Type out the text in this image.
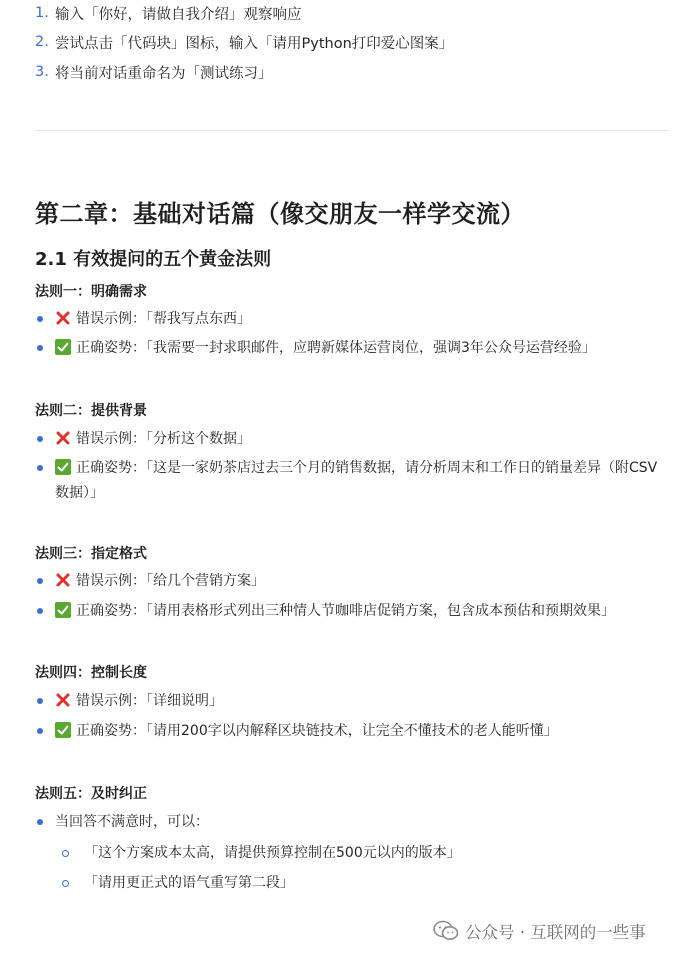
1. 输入「你好，请做自我介绍」观察响应
2. 尝试点击「代码块」图标，输入「请用Python打印爱心图案」
3. 将当前对话重命名为「测试练习」
第二章：基础对话篇（像交朋友一样学交流）
2.1 有效提问的五个黄金法则
法则一：明确需求
错误示例：「帮我写点东西」
正确姿势：「我需要一封求职邮件，应聘新媒体运营岗位，强调3年公众号运营经验」
法则二：提供背景
错误示例：「分析这个数据」
正确姿势：「这是一家奶茶店过去三个月的销售数据，请分析周末和工作日的销量差异（附CSV
数据）」
法则三：指定格式
错误示例：「给几个营销方案」
正确姿势：「请用表格形式列出三种情人节咖啡店促销方案，包含成本预估和预期效果」
法则四：控制长度
错误示例：「详细说明」
正确姿势：「请用200字以内解释区块链技术，让完全不懂技术的老人能听懂」
法则五：及时纠正
当回答不满意时，可以：
「这个方案成本太高，请提供预算控制在500元以内的版本」
「请用更正式的语气重写第二段」
公众号 · 互联网的一些事
